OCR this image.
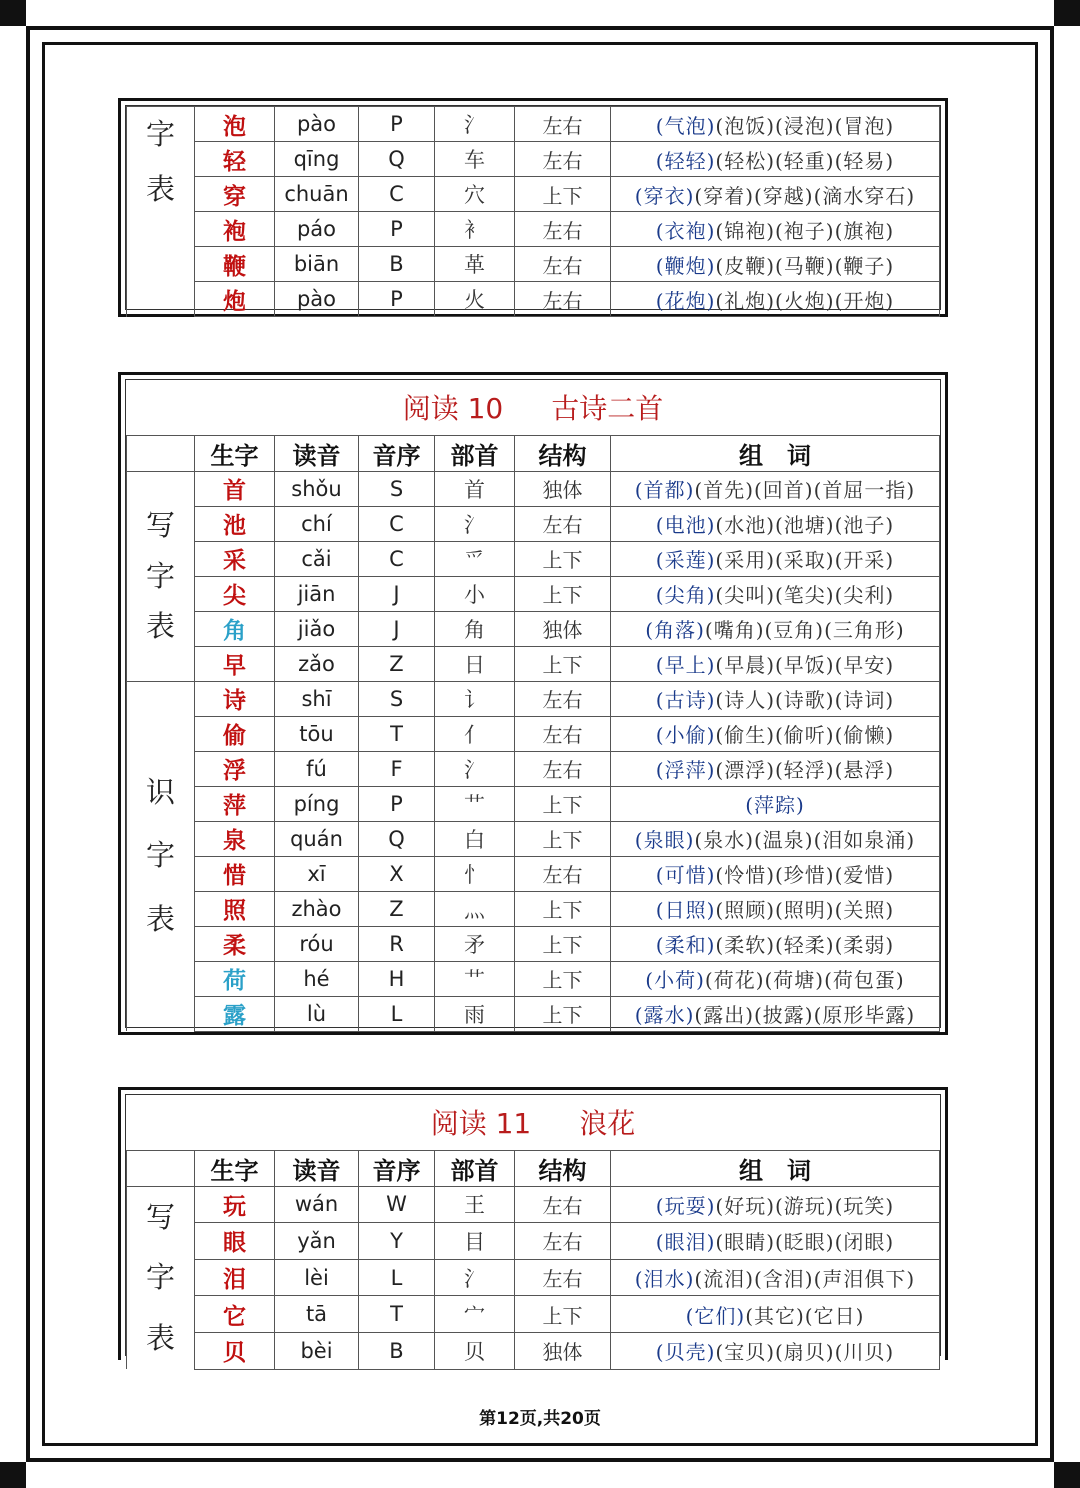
字
表	泡	pào	P	氵	左右	(气泡)(泡饭)(浸泡)(冒泡)
	轻	qīng	Q	车	左右	(轻轻)(轻松)(轻重)(轻易)
	穿	chuān	C	穴	上下	(穿衣)(穿着)(穿越)(滴水穿石)
	袍	páo	P	衤	左右	(衣袍)(锦袍)(袍子)(旗袍)
	鞭	biān	B	革	左右	(鞭炮)(皮鞭)(马鞭)(鞭子)
	炮	pào	P	火	左右	(花炮)(礼炮)(火炮)(开炮)
阅读 10 古诗二首						
	生字	读音	音序	部首	结构	组　词
写
字
表	首	shǒu	S	首	独体	(首都)(首先)(回首)(首屈一指)
	池	chí	C	氵	左右	(电池)(水池)(池塘)(池子)
	采	cǎi	C	爫	上下	(采莲)(采用)(采取)(开采)
	尖	jiān	J	小	上下	(尖角)(尖叫)(笔尖)(尖利)
	角	jiǎo	J	角	独体	(角落)(嘴角)(豆角)(三角形)
	早	zǎo	Z	日	上下	(早上)(早晨)(早饭)(早安)
识
字
表	诗	shī	S	讠	左右	(古诗)(诗人)(诗歌)(诗词)
	偷	tōu	T	亻	左右	(小偷)(偷生)(偷听)(偷懒)
	浮	fú	F	氵	左右	(浮萍)(漂浮)(轻浮)(悬浮)
	萍	píng	P	艹	上下	(萍踪)
	泉	quán	Q	白	上下	(泉眼)(泉水)(温泉)(泪如泉涌)
	惜	xī	X	忄	左右	(可惜)(怜惜)(珍惜)(爱惜)
	照	zhào	Z	灬	上下	(日照)(照顾)(照明)(关照)
	柔	róu	R	矛	上下	(柔和)(柔软)(轻柔)(柔弱)
	荷	hé	H	艹	上下	(小荷)(荷花)(荷塘)(荷包蛋)
	露	lù	L	雨	上下	(露水)(露出)(披露)(原形毕露)
阅读 11 浪花						
	生字	读音	音序	部首	结构	组　词
写
字
表	玩	wán	W	王	左右	(玩耍)(好玩)(游玩)(玩笑)
	眼	yǎn	Y	目	左右	(眼泪)(眼睛)(眨眼)(闭眼)
	泪	lèi	L	氵	左右	(泪水)(流泪)(含泪)(声泪俱下)
	它	tā	T	宀	上下	(它们)(其它)(它日)
	贝	bèi	B	贝	独体	(贝壳)(宝贝)(扇贝)(川贝)
第12页,共20页
